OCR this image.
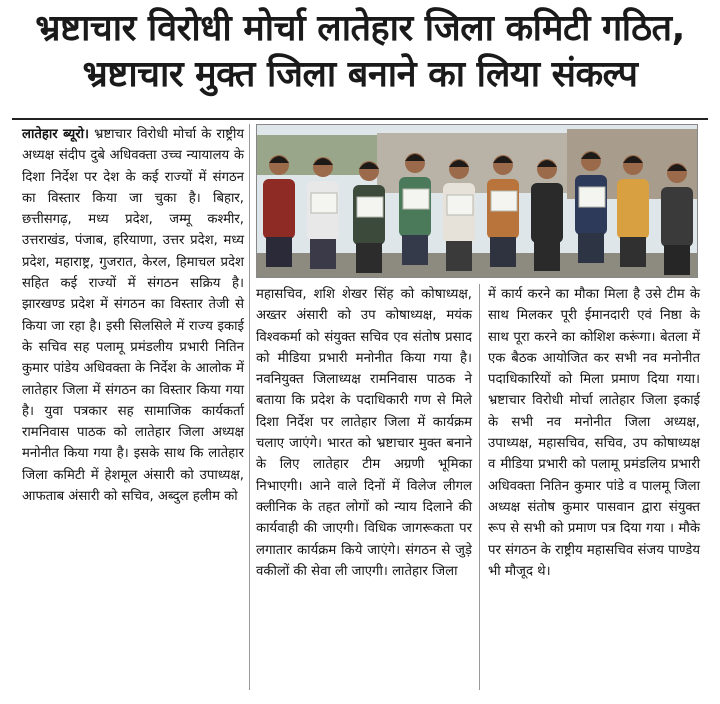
भ्रष्टाचार विरोधी मोर्चा लातेहार जिला कमिटी गठित,
भ्रष्टाचार मुक्त जिला बनाने का लिया संकल्प
लातेहार ब्यूरो। भ्रष्टाचार विरोधी मोर्चा के राष्ट्रीय अध्यक्ष संदीप दुबे अधिवक्ता उच्च न्यायालय के दिशा निर्देश पर देश के कई राज्यों में संगठन का विस्तार किया जा चुका है। बिहार, छत्तीसगढ़, मध्य प्रदेश, जम्मू कश्मीर, उत्तराखंड, पंजाब, हरियाणा, उत्तर प्रदेश, मध्य प्रदेश, महाराष्ट्र, गुजरात, केरल, हिमाचल प्रदेश सहित कई राज्यों में संगठन सक्रिय है। झारखण्ड प्रदेश में संगठन का विस्तार तेजी से किया जा रहा है। इसी सिलसिले में राज्य इकाई के सचिव सह पलामू प्रमंडलीय प्रभारी नितिन कुमार पांडेय अधिवक्ता के निर्देश के आलोक में लातेहार जिला में संगठन का विस्तार किया गया है। युवा पत्रकार सह सामाजिक कार्यकर्ता रामनिवास पाठक को लातेहार जिला अध्यक्ष मनोनीत किया गया है। इसके साथ कि लातेहार जिला कमिटी में हेशमूल अंसारी को उपाध्यक्ष, आफताब अंसारी को सचिव, अब्दुल हलीम को
महासचिव, शशि शेखर सिंह को कोषाध्यक्ष, अख्तर अंसारी को उप कोषाध्यक्ष, मयंक विश्वकर्मा को संयुक्त सचिव एव संतोष प्रसाद को मीडिया प्रभारी मनोनीत किया गया है। नवनियुक्त जिलाध्यक्ष रामनिवास पाठक ने बताया कि प्रदेश के पदाधिकारी गण से मिले दिशा निर्देश पर लातेहार जिला में कार्यक्रम चलाए जाएंगे। भारत को भ्रष्टाचार मुक्त बनाने के लिए लातेहार टीम अग्रणी भूमिका निभाएगी। आने वाले दिनों में विलेज लीगल क्लीनिक के तहत लोगों को न्याय दिलाने की कार्यवाही की जाएगी। विधिक जागरूकता पर लगातार कार्यक्रम किये जाएंगे। संगठन से जुड़े वकीलों की सेवा ली जाएगी। लातेहार जिला
में कार्य करने का मौका मिला है उसे टीम के साथ मिलकर पूरी ईमानदारी एवं निष्ठा के साथ पूरा करने का कोशिश करूंगा। बेतला में एक बैठक आयोजित कर सभी नव मनोनीत पदाधिकारियों को मिला प्रमाण दिया गया। भ्रष्टाचार विरोधी मोर्चा लातेहार जिला इकाई के सभी नव मनोनीत जिला अध्यक्ष, उपाध्यक्ष, महासचिव, सचिव, उप कोषाध्यक्ष व मीडिया प्रभारी को पलामू प्रमंडलिय प्रभारी अधिवक्ता नितिन कुमार पांडे व पालमू जिला अध्यक्ष संतोष कुमार पासवान द्वारा संयुक्त रूप से सभी को प्रमाण पत्र दिया गया । मौके पर संगठन के राष्ट्रीय महासचिव संजय पाण्डेय भी मौजूद थे।
